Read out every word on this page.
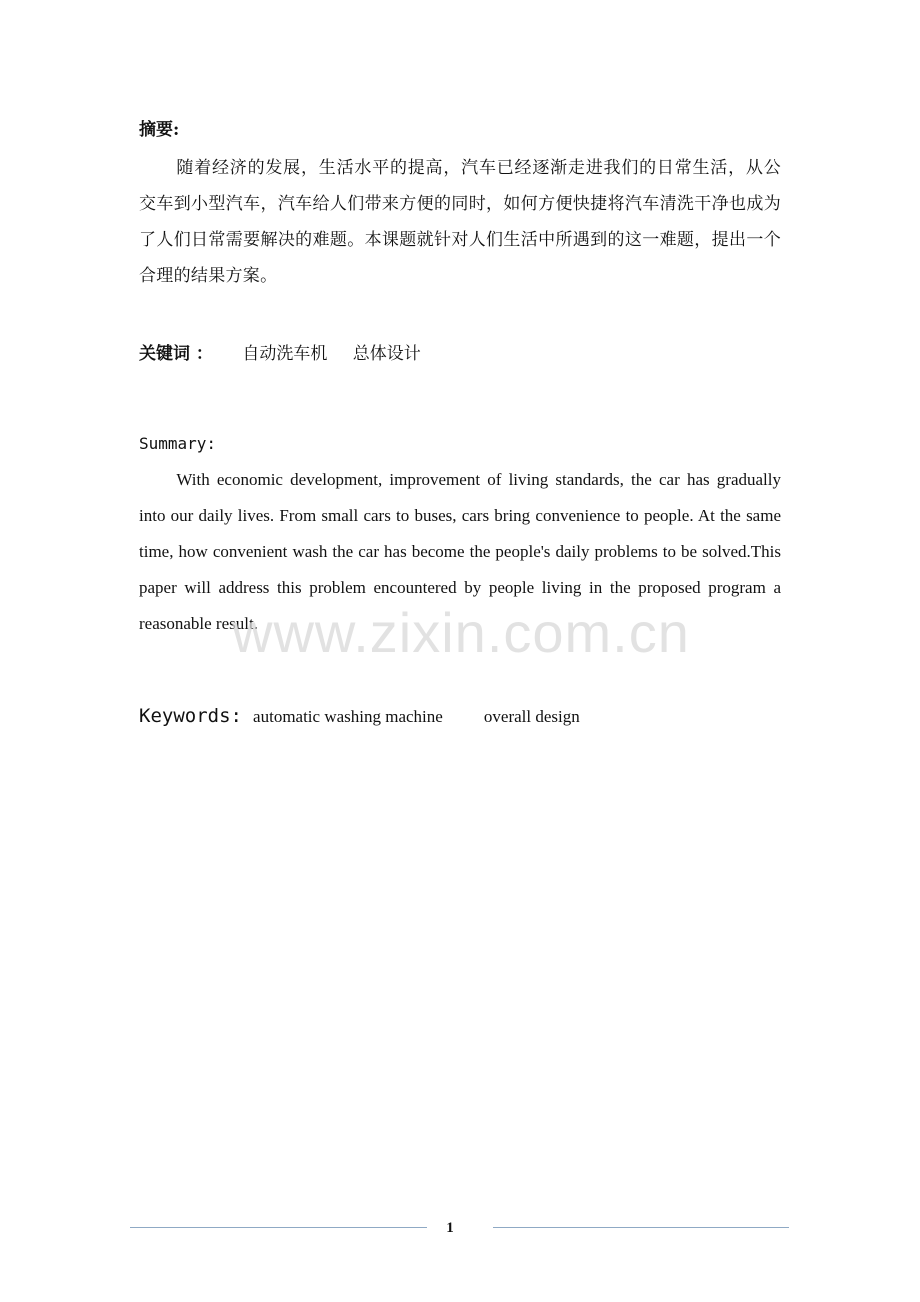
摘要:
随着经济的发展，生活水平的提高，汽车已经逐渐走进我们的日常生活，从公交车到小型汽车，汽车给人们带来方便的同时，如何方便快捷将汽车清洗干净也成为了人们日常需要解决的难题。本课题就针对人们生活中所遇到的这一难题，提出一个合理的结果方案。
关键词 ： 自动洗车机 总体设计
Summary:
With economic development, improvement of living standards, the car has gradually into our daily lives. From small cars to buses, cars bring convenience to people. At the same time, how convenient wash the car has become the people's daily problems to be solved.This paper will address this problem encountered by people living in the proposed program a reasonable result.
Keywords: automatic washing machine overall design
www.zixin.com.cn
1
